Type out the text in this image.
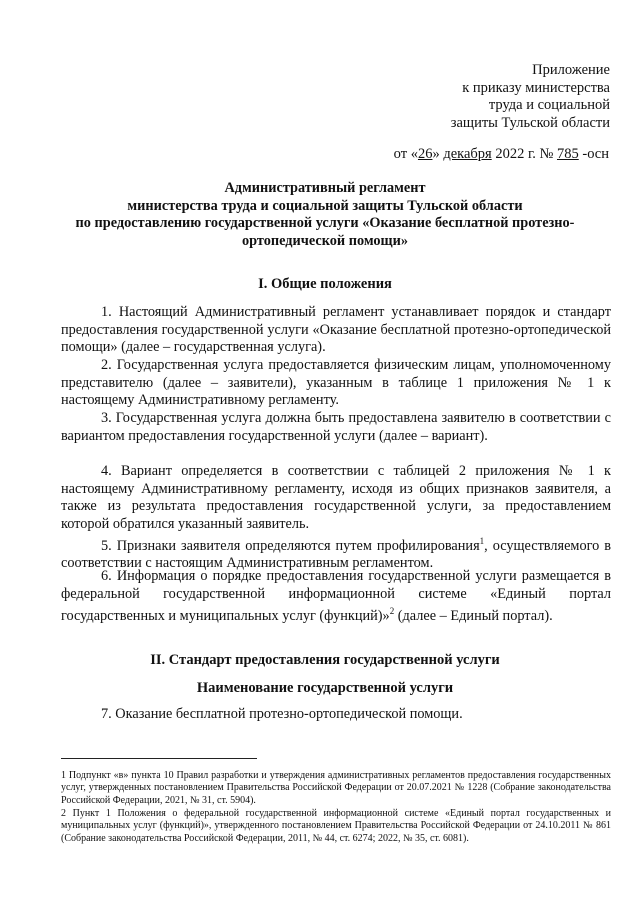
Приложение
к приказу министерства
труда и социальной
защиты Тульской области
от «26» декабря 2022 г. № 785 -осн
Административный регламент
министерства труда и социальной защиты Тульской области
по предоставлению государственной услуги «Оказание бесплатной протезно-
ортопедической помощи»
I. Общие положения
1. Настоящий Административный регламент устанавливает порядок и стандарт предоставления государственной услуги «Оказание бесплатной протезно-ортопедической помощи» (далее – государственная услуга).
2. Государственная услуга предоставляется физическим лицам, уполномоченному представителю (далее – заявители), указанным в таблице 1 приложения № 1 к настоящему Административному регламенту.
3. Государственная услуга должна быть предоставлена заявителю в соответствии с вариантом предоставления государственной услуги (далее – вариант).
4. Вариант определяется в соответствии с таблицей 2 приложения № 1 к настоящему Административному регламенту, исходя из общих признаков заявителя, а также из результата предоставления государственной услуги, за предоставлением которой обратился указанный заявитель.
5. Признаки заявителя определяются путем профилирования$^1$, осуществляемого в соответствии с настоящим Административным регламентом.
6. Информация о порядке предоставления государственной услуги размещается в федеральной государственной информационной системе «Единый портал государственных и муниципальных услуг (функций)»$^2$ (далее – Единый портал).
II. Стандарт предоставления государственной услуги
Наименование государственной услуги
7. Оказание бесплатной протезно-ортопедической помощи.
1 Подпункт «в» пункта 10 Правил разработки и утверждения административных регламентов предоставления государственных услуг, утвержденных постановлением Правительства Российской Федерации от 20.07.2021 № 1228 (Собрание законодательства Российской Федерации, 2021, № 31, ст. 5904).
2 Пункт 1 Положения о федеральной государственной информационной системе «Единый портал государственных и муниципальных услуг (функций)», утвержденного постановлением Правительства Российской Федерации от 24.10.2011 № 861 (Собрание законодательства Российской Федерации, 2011, № 44, ст. 6274; 2022, № 35, ст. 6081).
